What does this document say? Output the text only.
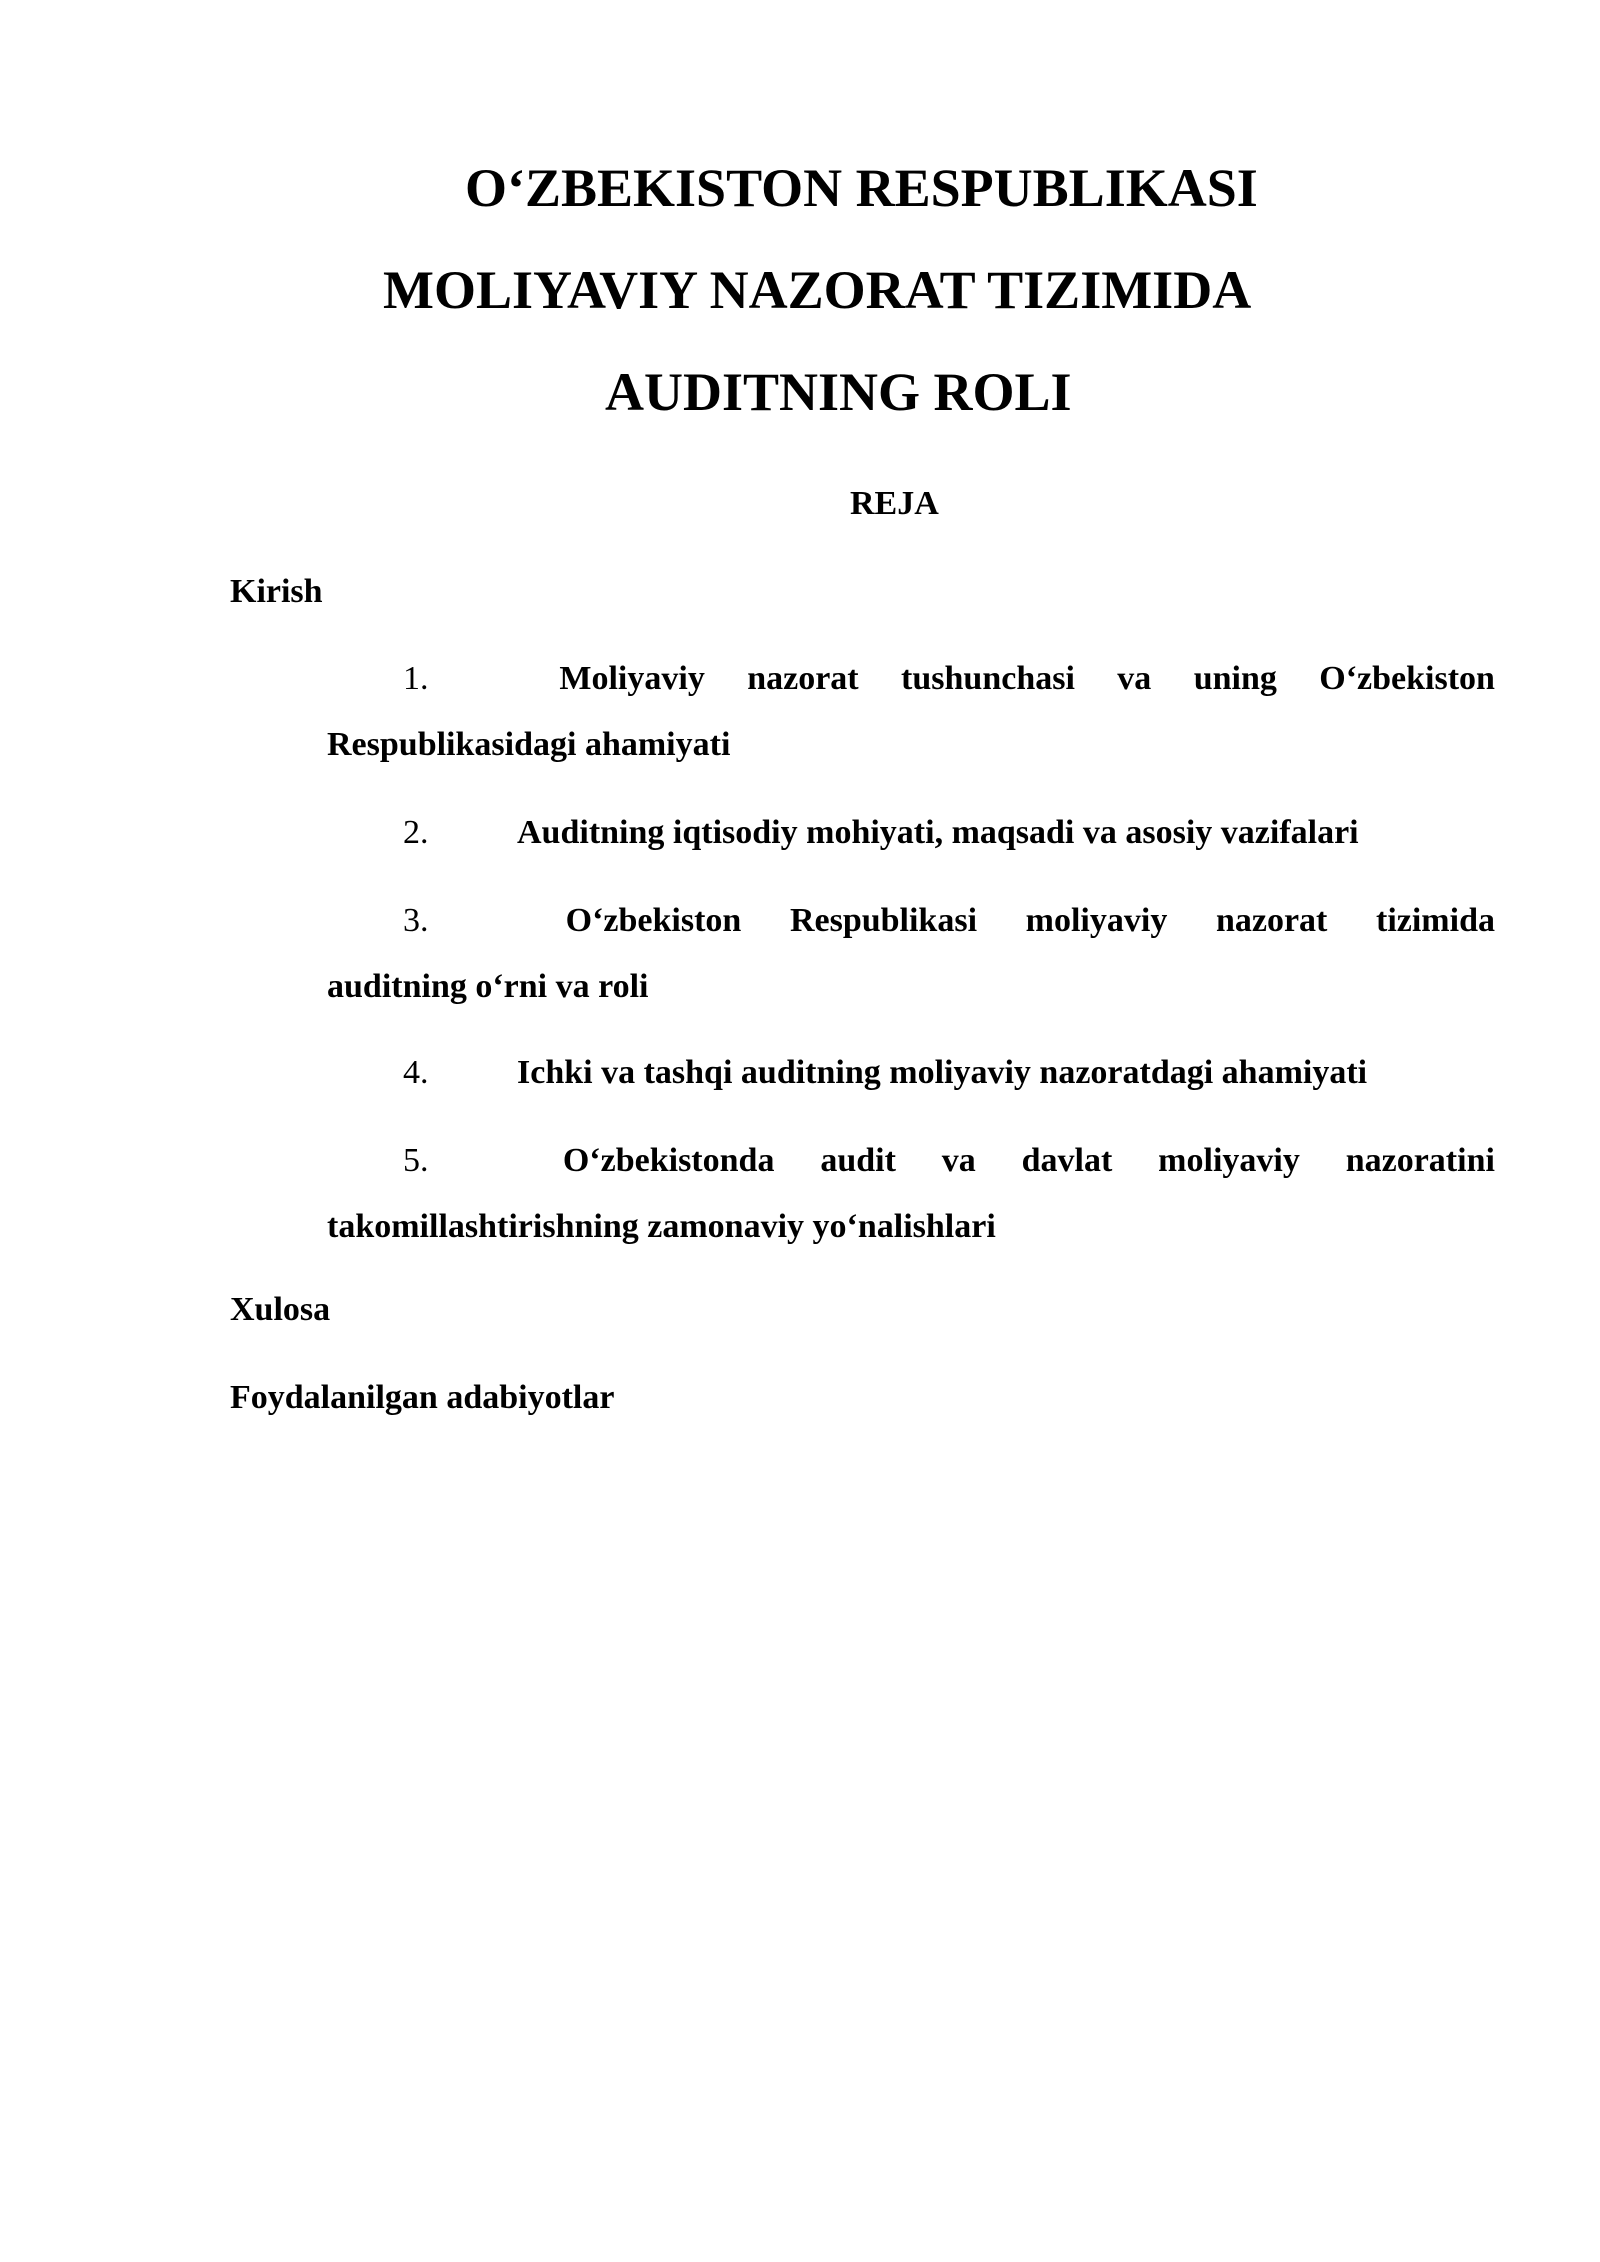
O‘ZBEKISTON RESPUBLIKASI
MOLIYAVIY NAZORAT TIZIMIDA
AUDITNING ROLI
REJA
Kirish
1.	Moliyaviy nazorat tushunchasi va uning O‘zbekiston
Respublikasidagi ahamiyati
2.	Auditning iqtisodiy mohiyati, maqsadi va asosiy vazifalari
3.	O‘zbekiston Respublikasi moliyaviy nazorat tizimida
auditning o‘rni va roli
4.	Ichki va tashqi auditning moliyaviy nazoratdagi ahamiyati
5.	O‘zbekistonda audit va davlat moliyaviy nazoratini
takomillashtirishning zamonaviy yo‘nalishlari
Xulosa
Foydalanilgan adabiyotlar
